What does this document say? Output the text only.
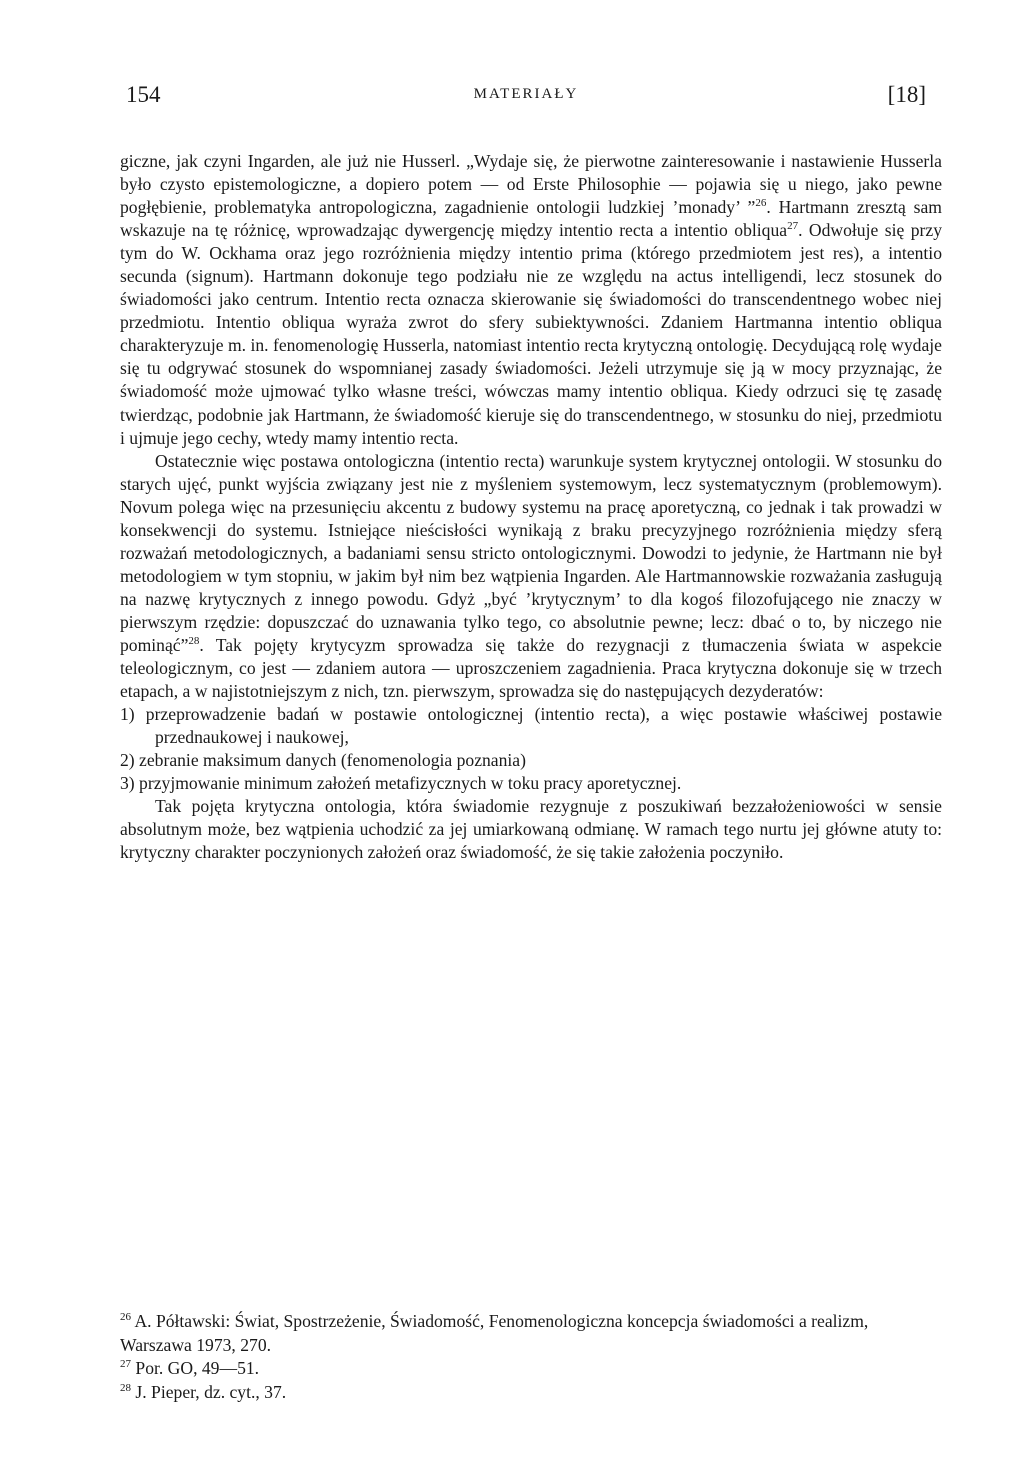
154	MATERIAŁY	[18]

giczne, jak czyni Ingarden, ale już nie Husserl. „Wydaje się, że pierwotne zainteresowanie i nastawienie Husserla było czysto epistemologiczne, a dopiero potem — od Erste Philosophie — pojawia się u niego, jako pewne pogłębienie, problematyka antropologiczna, zagadnienie ontologii ludzkiej ’monady’ ”$^{26}$. Hartmann zresztą sam wskazuje na tę różnicę, wprowadzając dywergencję między intentio recta a intentio obliqua$^{27}$. Odwołuje się przy tym do W. Ockhama oraz jego rozróżnienia między intentio prima (którego przedmiotem jest res), a intentio secunda (signum). Hartmann dokonuje tego podziału nie ze względu na actus intelligendi, lecz stosunek do świadomości jako centrum. Intentio recta oznacza skierowanie się świadomości do transcendentnego wobec niej przedmiotu. Intentio obliqua wyraża zwrot do sfery subiektywności. Zdaniem Hartmanna intentio obliqua charakteryzuje m. in. fenomenologię Husserla, natomiast intentio recta krytyczną ontologię. Decydującą rolę wydaje się tu odgrywać stosunek do wspomnianej zasady świadomości. Jeżeli utrzymuje się ją w mocy przyznając, że świadomość może ujmować tylko własne treści, wówczas mamy intentio obliqua. Kiedy odrzuci się tę zasadę twierdząc, podobnie jak Hartmann, że świadomość kieruje się do transcendentnego, w stosunku do niej, przedmiotu i ujmuje jego cechy, wtedy mamy intentio recta.

Ostatecznie więc postawa ontologiczna (intentio recta) warunkuje system krytycznej ontologii. W stosunku do starych ujęć, punkt wyjścia związany jest nie z myśleniem systemowym, lecz systematycznym (problemowym). Novum polega więc na przesunięciu akcentu z budowy systemu na pracę aporetyczną, co jednak i tak prowadzi w konsekwencji do systemu. Istniejące nieścisłości wynikają z braku precyzyjnego rozróżnienia między sferą rozważań metodologicznych, a badaniami sensu stricto ontologicznymi. Dowodzi to jedynie, że Hartmann nie był metodologiem w tym stopniu, w jakim był nim bez wątpienia Ingarden. Ale Hartmannowskie rozważania zasługują na nazwę krytycznych z innego powodu. Gdyż „być ’krytycznym’ to dla kogoś filozofującego nie znaczy w pierwszym rzędzie: dopuszczać do uznawania tylko tego, co absolutnie pewne; lecz: dbać o to, by niczego nie pominąć”$^{28}$. Tak pojęty krytycyzm sprowadza się także do rezygnacji z tłumaczenia świata w aspekcie teleologicznym, co jest — zdaniem autora — uproszczeniem zagadnienia. Praca krytyczna dokonuje się w trzech etapach, a w najistotniejszym z nich, tzn. pierwszym, sprowadza się do następujących dezyderatów:

1) przeprowadzenie badań w postawie ontologicznej (intentio recta), a więc postawie właściwej postawie przednaukowej i naukowej,
2) zebranie maksimum danych (fenomenologia poznania)
3) przyjmowanie minimum założeń metafizycznych w toku pracy aporetycznej.

Tak pojęta krytyczna ontologia, która świadomie rezygnuje z poszukiwań bezzałożeniowości w sensie absolutnym może, bez wątpienia uchodzić za jej umiarkowaną odmianę. W ramach tego nurtu jej główne atuty to: krytyczny charakter poczynionych założeń oraz świadomość, że się takie założenia poczyniło.

$^{26}$ A. Półtawski: Świat, Spostrzeżenie, Świadomość, Fenomenologiczna koncepcja świadomości a realizm, Warszawa 1973, 270.

$^{27}$ Por. GO, 49—51.

$^{28}$ J. Pieper, dz. cyt., 37.
